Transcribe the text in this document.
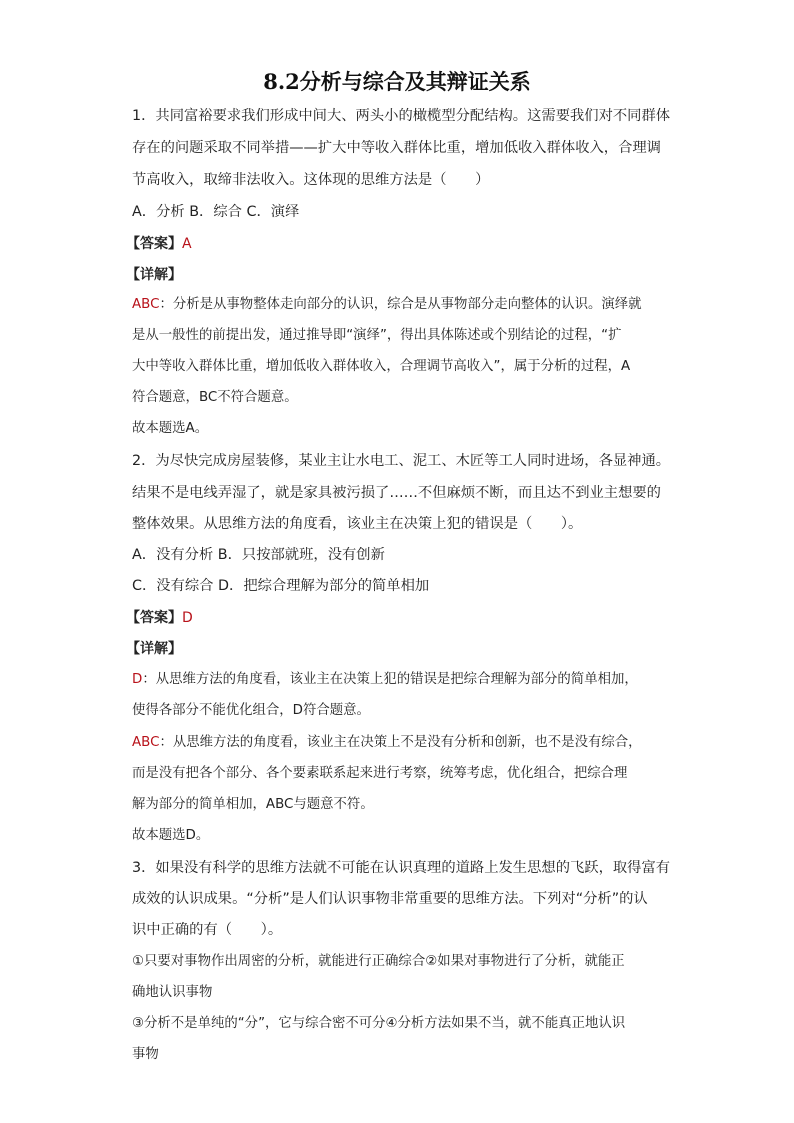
8.2分析与综合及其辩证关系
1．共同富裕要求我们形成中间大、两头小的橄榄型分配结构。这需要我们对不同群体
存在的问题采取不同举措——扩大中等收入群体比重，增加低收入群体收入，合理调
节高收入，取缔非法收入。这体现的思维方法是（　　）
A．分析 B．综合 C．演绎
【答案】A
【详解】
ABC：分析是从事物整体走向部分的认识，综合是从事物部分走向整体的认识。演绎就
是从一般性的前提出发，通过推导即“演绎”，得出具体陈述或个别结论的过程，“扩
大中等收入群体比重，增加低收入群体收入，合理调节高收入”，属于分析的过程，A
符合题意，BC不符合题意。
故本题选A。
2．为尽快完成房屋装修，某业主让水电工、泥工、木匠等工人同时进场，各显神通。
结果不是电线弄湿了，就是家具被污损了……不但麻烦不断，而且达不到业主想要的
整体效果。从思维方法的角度看，该业主在决策上犯的错误是（　　）。
A．没有分析 B．只按部就班，没有创新
C．没有综合 D．把综合理解为部分的简单相加
【答案】D
【详解】
D：从思维方法的角度看，该业主在决策上犯的错误是把综合理解为部分的简单相加，
使得各部分不能优化组合，D符合题意。
ABC：从思维方法的角度看，该业主在决策上不是没有分析和创新，也不是没有综合，
而是没有把各个部分、各个要素联系起来进行考察，统筹考虑，优化组合，把综合理
解为部分的简单相加，ABC与题意不符。
故本题选D。
3．如果没有科学的思维方法就不可能在认识真理的道路上发生思想的飞跃，取得富有
成效的认识成果。“分析”是人们认识事物非常重要的思维方法。下列对“分析”的认
识中正确的有（　　）。
①只要对事物作出周密的分析，就能进行正确综合②如果对事物进行了分析，就能正
确地认识事物
③分析不是单纯的“分”，它与综合密不可分④分析方法如果不当，就不能真正地认识
事物
